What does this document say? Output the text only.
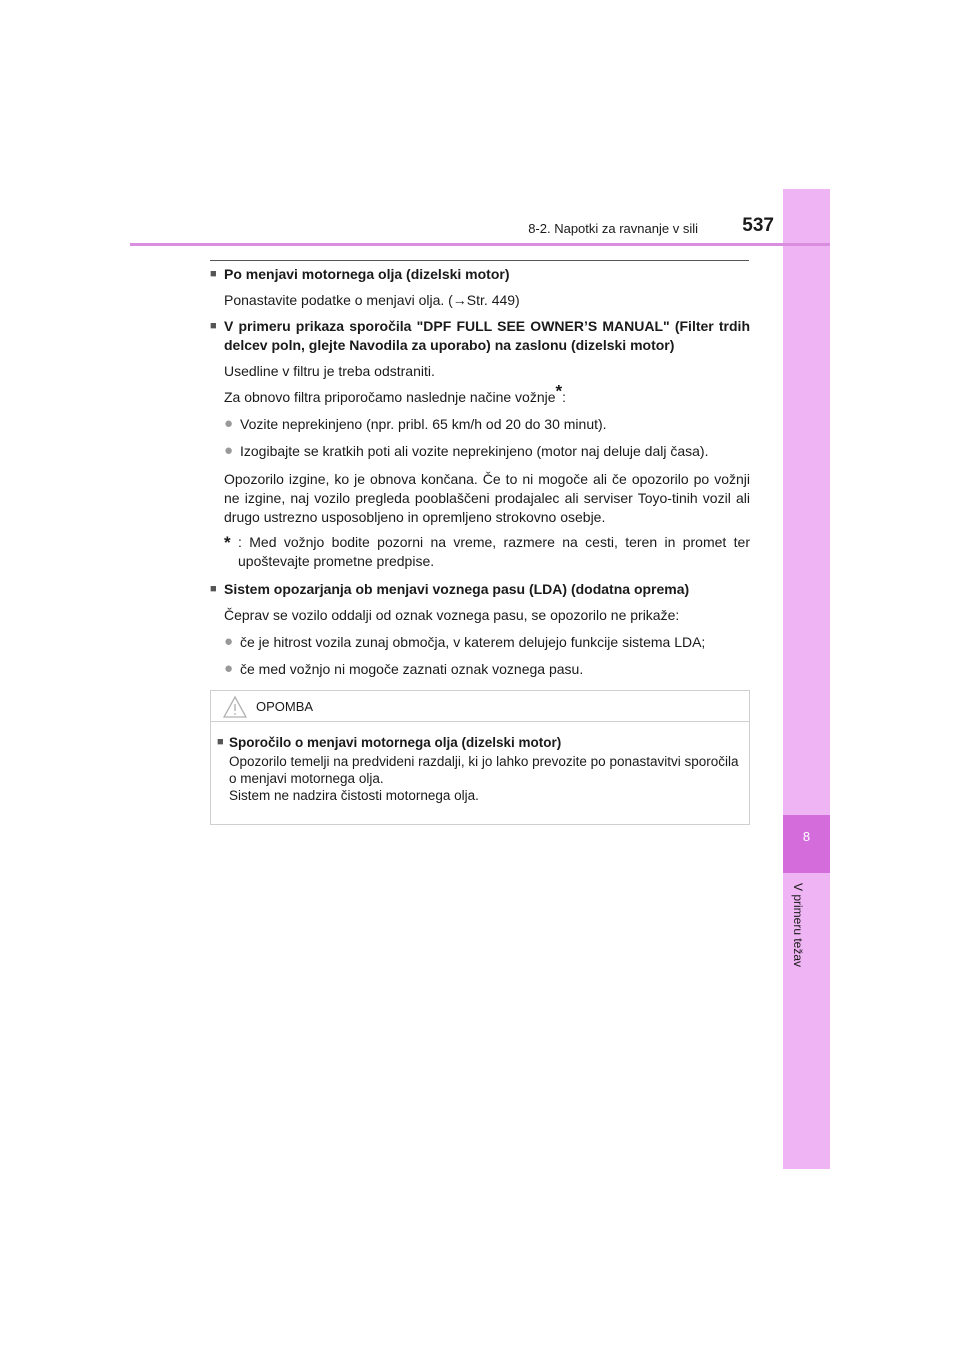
8
V primeru težav
8-2. Napotki za ravnanje v sili	537
■ Po menjavi motornega olja (dizelski motor)
Ponastavite podatke o menjavi olja. (→Str. 449)
■ V primeru prikaza sporočila "DPF FULL SEE OWNER’S MANUAL" (Filter trdih delcev poln, glejte Navodila za uporabo) na zaslonu (dizelski motor)
Usedline v filtru je treba odstraniti.
Za obnovo filtra priporočamo naslednje načine vožnje*:
● Vozite neprekinjeno (npr. pribl. 65 km/h od 20 do 30 minut).
● Izogibajte se kratkih poti ali vozite neprekinjeno (motor naj deluje dalj časa).
Opozorilo izgine, ko je obnova končana. Če to ni mogoče ali če opozorilo po vožnji ne izgine, naj vozilo pregleda pooblaščeni prodajalec ali serviser Toyo-tinih vozil ali drugo ustrezno usposobljeno in opremljeno strokovno osebje.
* : Med vožnjo bodite pozorni na vreme, razmere na cesti, teren in promet ter upoštevajte prometne predpise.
■ Sistem opozarjanja ob menjavi voznega pasu (LDA) (dodatna oprema)
Čeprav se vozilo oddalji od oznak voznega pasu, se opozorilo ne prikaže:
● če je hitrost vozila zunaj območja, v katerem delujejo funkcije sistema LDA;
● če med vožnjo ni mogoče zaznati oznak voznega pasu.
OPOMBA
■ Sporočilo o menjavi motornega olja (dizelski motor)
Opozorilo temelji na predvideni razdalji, ki jo lahko prevozite po ponastavitvi sporočila o menjavi motornega olja.
Sistem ne nadzira čistosti motornega olja.
